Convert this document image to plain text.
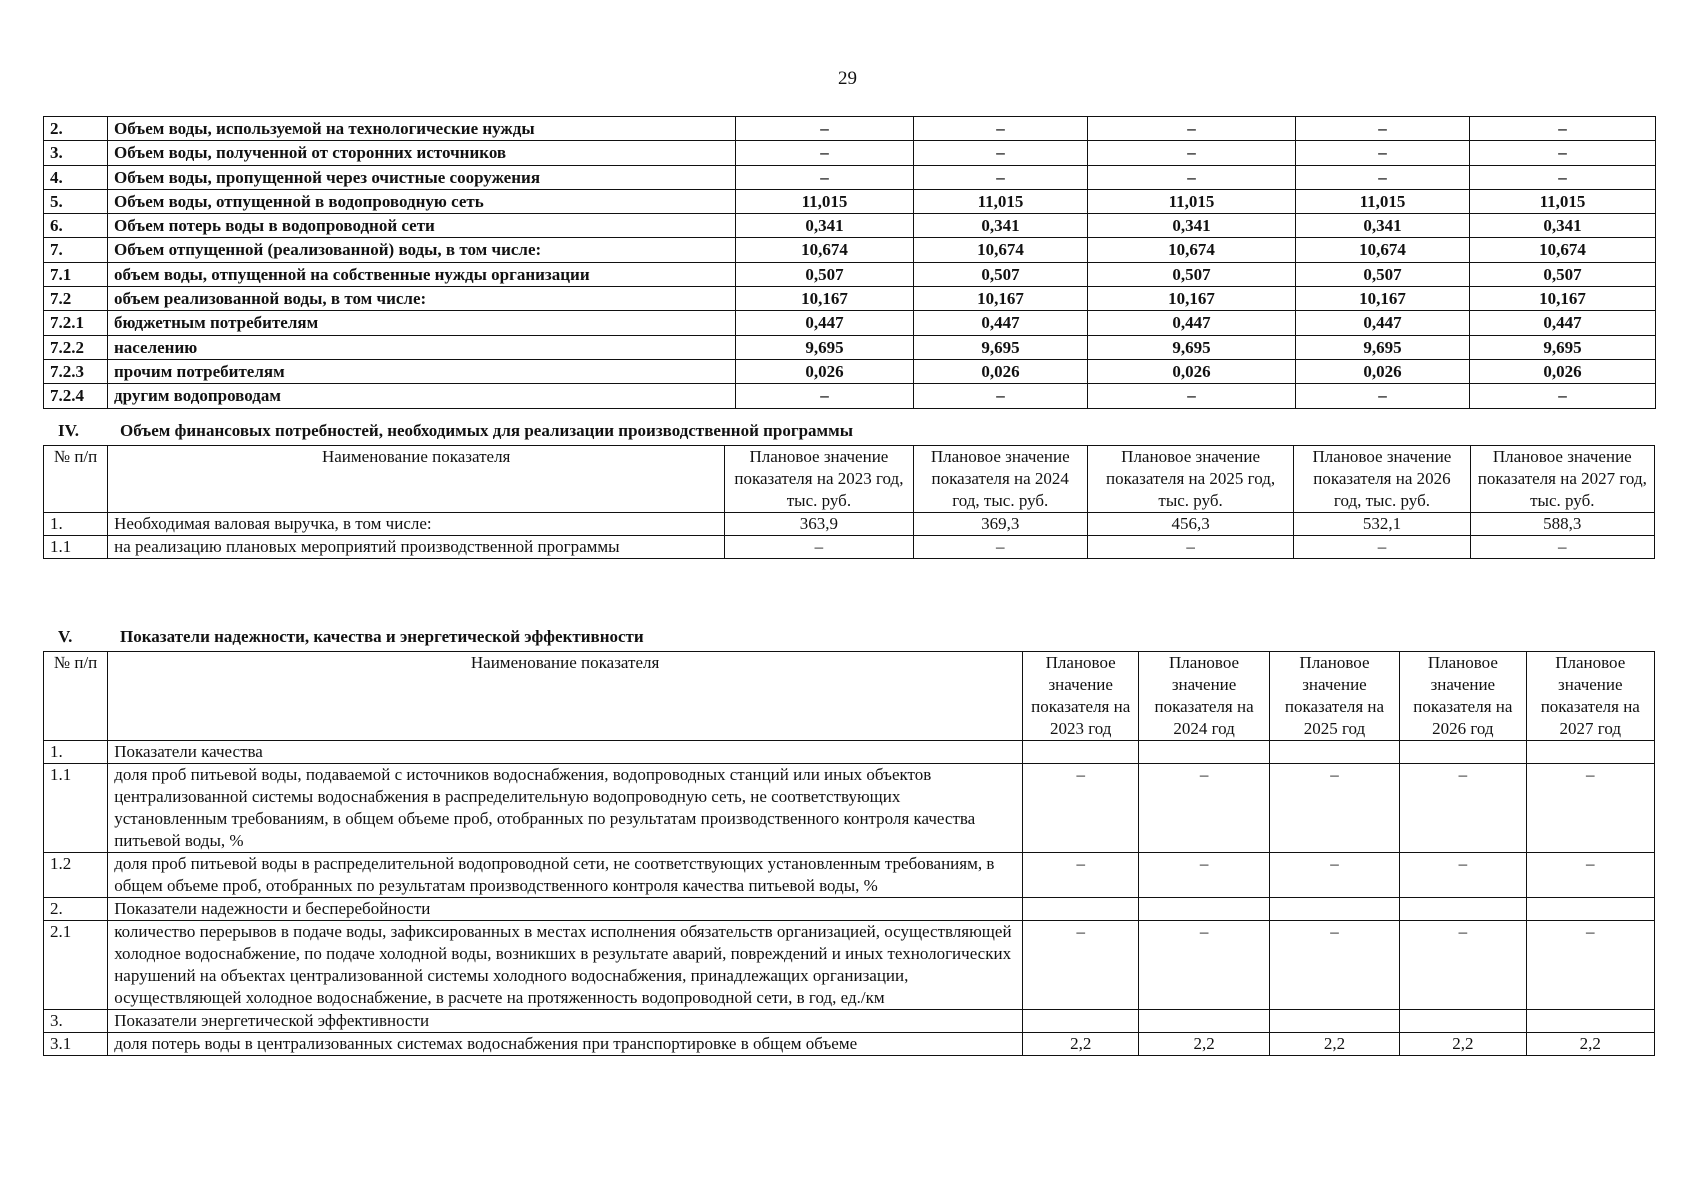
29
2.	Объем воды, используемой на технологические нужды	–	–	–	–	–
3.	Объем воды, полученной от сторонних источников	–	–	–	–	–
4.	Объем воды, пропущенной через очистные сооружения	–	–	–	–	–
5.	Объем воды, отпущенной в водопроводную сеть	11,015	11,015	11,015	11,015	11,015
6.	Объем потерь воды в водопроводной сети	0,341	0,341	0,341	0,341	0,341
7.	Объем отпущенной (реализованной) воды, в том числе:	10,674	10,674	10,674	10,674	10,674
7.1	объем воды, отпущенной на собственные нужды организации	0,507	0,507	0,507	0,507	0,507
7.2	объем реализованной воды, в том числе:	10,167	10,167	10,167	10,167	10,167
7.2.1	бюджетным потребителям	0,447	0,447	0,447	0,447	0,447
7.2.2	населению	9,695	9,695	9,695	9,695	9,695
7.2.3	прочим потребителям	0,026	0,026	0,026	0,026	0,026
7.2.4	другим водопроводам	–	–	–	–	–
IV. Объем финансовых потребностей, необходимых для реализации производственной программы
№ п/п	Наименование показателя	Плановое значение показателя на 2023 год, тыс. руб.	Плановое значение показателя на 2024 год, тыс. руб.	Плановое значение показателя на 2025 год, тыс. руб.	Плановое значение показателя на 2026 год, тыс. руб.	Плановое значение показателя на 2027 год, тыс. руб.
1.	Необходимая валовая выручка, в том числе:	363,9	369,3	456,3	532,1	588,3
1.1	на реализацию плановых мероприятий производственной программы	–	–	–	–	–
V.	Показатели надежности, качества и энергетической эффективности
№ п/п	Наименование показателя	Плановое значение показателя на 2023 год	Плановое значение показателя на 2024 год	Плановое значение показателя на 2025 год	Плановое значение показателя на 2026 год	Плановое значение показателя на 2027 год
1.	Показатели качества					
1.1	доля проб питьевой воды, подаваемой с источников водоснабжения, водопроводных станций или иных объектов централизованной системы водоснабжения в распределительную водопроводную сеть, не соответствующих установленным требованиям, в общем объеме проб, отобранных по результатам производственного контроля качества питьевой воды, %	–	–	–	–	–
1.2	доля проб питьевой воды в распределительной водопроводной сети, не соответствующих установленным требованиям, в общем объеме проб, отобранных по результатам производственного контроля качества питьевой воды, %	–	–	–	–	–
2.	Показатели надежности и бесперебойности					
2.1	количество перерывов в подаче воды, зафиксированных в местах исполнения обязательств организацией, осуществляющей холодное водоснабжение, по подаче холодной воды, возникших в результате аварий, повреждений и иных технологических нарушений на объектах централизованной системы холодного водоснабжения, принадлежащих организации, осуществляющей холодное водоснабжение, в расчете на протяженность водопроводной сети, в год, ед./км	–	–	–	–	–
3.	Показатели энергетической эффективности					
3.1	доля потерь воды в централизованных системах водоснабжения при транспортировке в общем объеме	2,2	2,2	2,2	2,2	2,2
